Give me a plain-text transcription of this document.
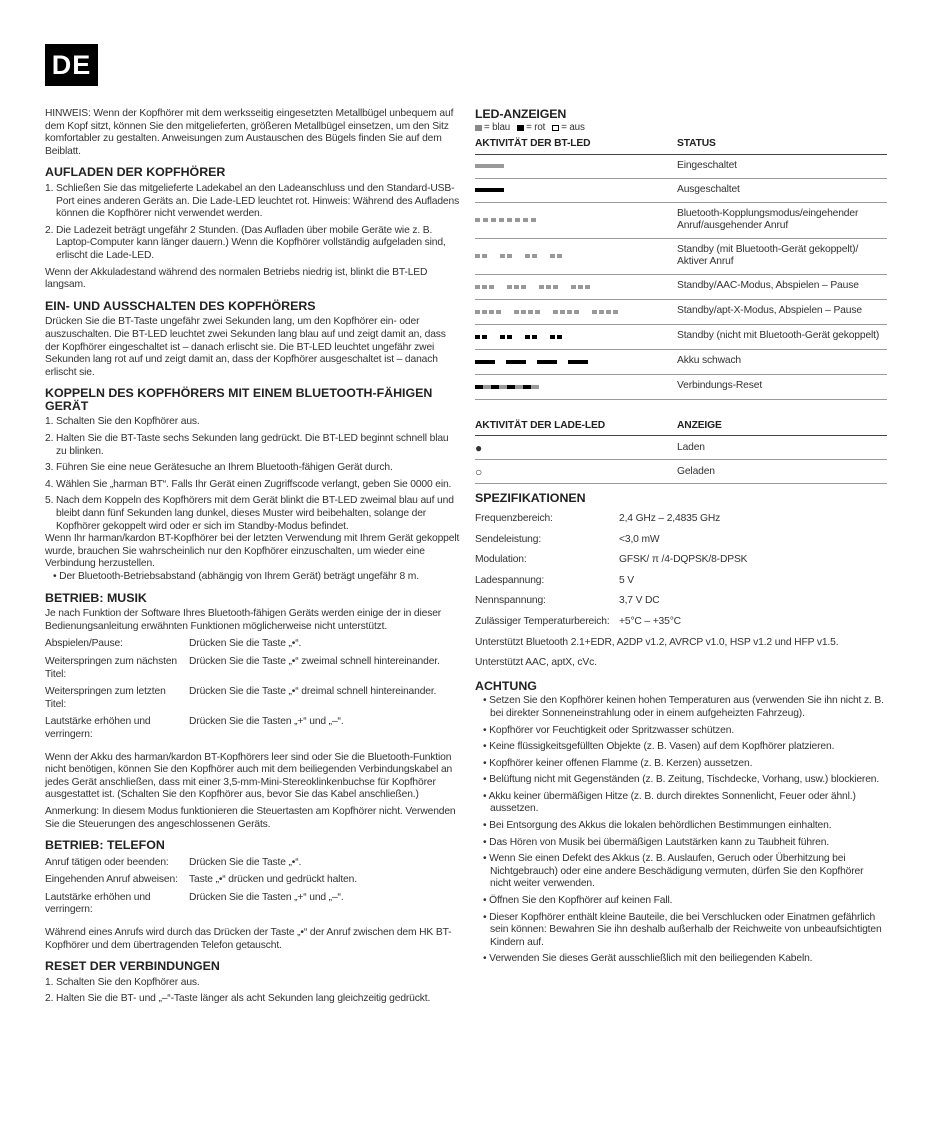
DE

HINWEIS: Wenn der Kopfhörer mit dem werksseitig eingesetzten Metallbügel unbequem auf dem Kopf sitzt, können Sie den mitgelieferten, größeren Metallbügel einsetzen, um den Sitz komfortabler zu gestalten. Anweisungen zum Austauschen des Bügels finden Sie auf dem Beiblatt.

AUFLADEN DER KOPFHÖRER
1. Schließen Sie das mitgelieferte Ladekabel an den Ladeanschluss und den Standard-USB-Port eines anderen Geräts an. Die Lade-LED leuchtet rot. Hinweis: Während des Aufladens können die Kopfhörer nicht verwendet werden.
2. Die Ladezeit beträgt ungefähr 2 Stunden. (Das Aufladen über mobile Geräte wie z. B. Laptop-Computer kann länger dauern.) Wenn die Kopfhörer vollständig aufgeladen sind, erlischt die Lade-LED.

Wenn der Akkuladestand während des normalen Betriebs niedrig ist, blinkt die BT-LED langsam.

EIN- UND AUSSCHALTEN DES KOPFHÖRERS

Drücken Sie die BT-Taste ungefähr zwei Sekunden lang, um den Kopfhörer ein- oder auszuschalten. Die BT-LED leuchtet zwei Sekunden lang blau auf und zeigt damit an, dass der Kopfhörer eingeschaltet ist – danach erlischt sie. Die BT-LED leuchtet ungefähr zwei Sekunden lang rot auf und zeigt damit an, dass der Kopfhörer ausgeschaltet ist – danach erlischt sie.

KOPPELN DES KOPFHÖRERS MIT EINEM BLUETOOTH-FÄHIGEN GERÄT
1. Schalten Sie den Kopfhörer aus.
2. Halten Sie die BT-Taste sechs Sekunden lang gedrückt. Die BT-LED beginnt schnell blau zu blinken.
3. Führen Sie eine neue Gerätesuche an Ihrem Bluetooth-fähigen Gerät durch.
4. Wählen Sie „harman BT“. Falls Ihr Gerät einen Zugriffscode verlangt, geben Sie 0000 ein.
5. Nach dem Koppeln des Kopfhörers mit dem Gerät blinkt die BT-LED zweimal blau auf und bleibt dann fünf Sekunden lang dunkel, dieses Muster wird beibehalten, solange der Kopfhörer gekoppelt wird oder er sich im Standby-Modus befindet.

Wenn Ihr harman/kardon BT-Kopfhörer bei der letzten Verwendung mit Ihrem Gerät gekoppelt wurde, brauchen Sie wahrscheinlich nur den Kopfhörer einzuschalten, um wieder eine Verbindung herzustellen.

• Der Bluetooth-Betriebsabstand (abhängig von Ihrem Gerät) beträgt ungefähr 8 m.
BETRIEB: MUSIK

Je nach Funktion der Software Ihres Bluetooth-fähigen Geräts werden einige der in dieser Bedienungsanleitung erwähnten Funktionen möglicherweise nicht unterstützt.

Abspielen/Pause:	Drücken Sie die Taste „•“.
Weiterspringen zum nächsten Titel:
Drücken Sie die Taste „•“ zweimal schnell hintereinander.
Weiterspringen zum letzten Titel:
Drücken Sie die Taste „•“ dreimal schnell hintereinander.
Lautstärke erhöhen und verringern:
Drücken Sie die Tasten „+“ und „–“.

Wenn der Akku des harman/kardon BT-Kopfhörers leer sind oder Sie die Bluetooth-Funktion nicht benötigen, können Sie den Kopfhörer auch mit dem beiliegenden Verbindungskabel an jedes Gerät anschließen, dass mit einer 3,5-mm-Mini-Stereoklinkenbuchse für Kopfhörer ausgestattet ist. (Schalten Sie den Kopfhörer aus, bevor Sie das Kabel anschließen.)

Anmerkung: In diesem Modus funktionieren die Steuertasten am Kopfhörer nicht. Verwenden Sie die Steuerungen des angeschlossenen Geräts.

BETRIEB: TELEFON
Anruf tätigen oder beenden:	Drücken Sie die Taste „•“.
Eingehenden Anruf abweisen:	Taste „•“ drücken und gedrückt halten.
Lautstärke erhöhen und verringern:
Drücken Sie die Tasten „+“ und „–“.

Während eines Anrufs wird durch das Drücken der Taste „•“ der Anruf zwischen dem HK BT-Kopfhörer und dem übertragenden Telefon getauscht.

RESET DER VERBINDUNGEN
1. Schalten Sie den Kopfhörer aus.
2. Halten Sie die BT- und „–“-Taste länger als acht Sekunden lang gleichzeitig gedrückt.
LED-ANZEIGEN
= blau = rot = aus
AKTIVITÄT DER BT-LED	STATUS

	Eingeschaltet

	Ausgeschaltet

	Bluetooth-Kopplungsmodus/eingehender Anruf/ausgehender Anruf

	Standby (mit Bluetooth-Gerät gekoppelt)/ Aktiver Anruf

	Standby/AAC-Modus, Abspielen – Pause

	Standby/apt-X-Modus, Abspielen – Pause

	Standby (nicht mit Bluetooth-Gerät gekoppelt)

	Akku schwach

	Verbindungs-Reset
AKTIVITÄT DER LADE-LED	ANZEIGE
●	Laden
○	Geladen
SPEZIFIKATIONEN
Frequenzbereich:	2,4 GHz – 2,4835 GHz
Sendeleistung:	<3,0 mW
Modulation:	GFSK/ π /4-DQPSK/8-DPSK
Ladespannung:	5 V
Nennspannung:	3,7 V DC
Zulässiger Temperaturbereich: +5°C – +35°C

Unterstützt Bluetooth 2.1+EDR, A2DP v1.2, AVRCP v1.0, HSP v1.2 und HFP v1.5.

Unterstützt AAC, aptX, cVc.

ACHTUNG
• Setzen Sie den Kopfhörer keinen hohen Temperaturen aus (verwenden Sie ihn nicht z. B. bei direkter Sonneneinstrahlung oder in einem aufgeheizten Fahrzeug).
• Kopfhörer vor Feuchtigkeit oder Spritzwasser schützen.
• Keine flüssigkeitsgefüllten Objekte (z. B. Vasen) auf dem Kopfhörer platzieren.
• Kopfhörer keiner offenen Flamme (z. B. Kerzen) aussetzen.
• Belüftung nicht mit Gegenständen (z. B. Zeitung, Tischdecke, Vorhang, usw.) blockieren.
• Akku keiner übermäßigen Hitze (z. B. durch direktes Sonnenlicht, Feuer oder ähnl.) aussetzen.
• Bei Entsorgung des Akkus die lokalen behördlichen Bestimmungen einhalten.
• Das Hören von Musik bei übermäßigen Lautstärken kann zu Taubheit führen.
• Wenn Sie einen Defekt des Akkus (z. B. Auslaufen, Geruch oder Überhitzung bei Nichtgebrauch) oder eine andere Beschädigung vermuten, dürfen Sie den Kopfhörer nicht weiter verwenden.
• Öffnen Sie den Kopfhörer auf keinen Fall.
• Dieser Kopfhörer enthält kleine Bauteile, die bei Verschlucken oder Einatmen gefährlich sein können: Bewahren Sie ihn deshalb außerhalb der Reichweite von unbeaufsichtigten Kindern auf.
• Verwenden Sie dieses Gerät ausschließlich mit den beiliegenden Kabeln.
